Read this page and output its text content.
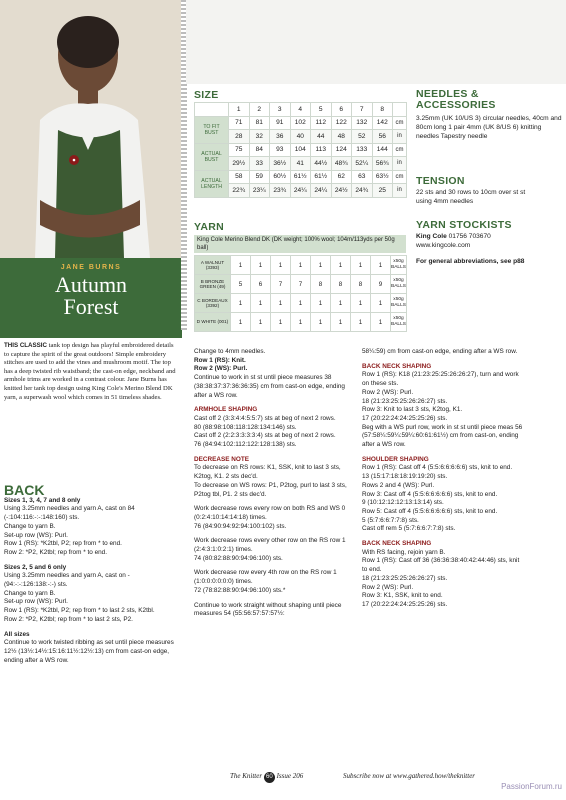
JANE BURNS
Autumn
Forest
SIZE
	1	2	3	4	5	6	7	8	
TO FIT BUST	71	81	91	102	112	122	132	142	cm
	28	32	36	40	44	48	52	56	in
ACTUAL BUST	75	84	93	104	113	124	133	144	cm
	29½	33	36½	41	44½	48¾	52¼	56¾	in
ACTUAL LENGTH	58	59	60½	61½	61½	62	63	63½	cm
	22¾	23¼	23¾	24¼	24¼	24½	24¾	25	in
YARN
King Cole Merino Blend DK (DK weight; 100% wool; 104m/113yds per 50g ball)
A WALNUT (3393)	1	1	1	1	1	1	1	1	x50g BALLS
B BRONZE GREEN (49)	5	6	7	7	8	8	8	9	x50g BALLS
C BORDEAUX (3392)	1	1	1	1	1	1	1	1	x50g BALLS
D WHITE (001)	1	1	1	1	1	1	1	1	x50g BALLS
NEEDLES & ACCESSORIES
3.25mm (UK 10/US 3) circular needles, 40cm and 80cm long 1 pair 4mm (UK 8/US 6) knitting needles Tapestry needle
TENSION
22 sts and 30 rows to 10cm over st st using 4mm needles
YARN STOCKISTS
King Cole 01756 703670
www.kingcole.com
For general abbreviations, see p88
THIS CLASSIC tank top design has playful embroidered details to capture the spirit of the great outdoors! Simple embroidery stitches are used to add the vines and mushroom motif. The top has a deep twisted rib waistband; the cast-on edge, neckband and armhole trims are worked in a contrast colour. Jane Burns has knitted her tank top design using King Cole's Merino Blend DK yarn, a superwash wool which comes in 51 timeless shades.
BACK
Sizes 1, 3, 4, 7 and 8 only
Using 3.25mm needles and yarn A, cast on 84 (-:104:116:-:-:148:160) sts.
Change to yarn B.
Set-up row (WS): Purl.
Row 1 (RS): *K2tbl, P2; rep from * to end.
Row 2: *P2, K2tbl; rep from * to end.
Sizes 2, 5 and 6 only
Using 3.25mm needles and yarn A, cast on - (94:-:-:126:138:-:-) sts.
Change to yarn B.
Set-up row (WS): Purl.
Row 1 (RS): *K2tbl, P2; rep from * to last 2 sts, K2tbl.
Row 2: *P2, K2tbl; rep from * to last 2 sts, P2.
All sizes
Continue to work twisted ribbing as set until piece measures 12½ (13½:14½:15:16:11½:12½:13) cm from cast-on edge, ending after a WS row.
Change to 4mm needles.
Row 1 (RS): Knit.
Row 2 (WS): Purl.
Continue to work in st st until piece measures 38 (38:38:37:37:36:36:35) cm from cast-on edge, ending after a WS row.
ARMHOLE SHAPING
Cast off 2 (3:3:4:4:5:5:7) sts at beg of next 2 rows.
80 (88:98:108:118:128:134:146) sts.
Cast off 2 (2:2:3:3:3:3:4) sts at beg of next 2 rows.
76 (84:94:102:112:122:128:138) sts.
DECREASE NOTE
To decrease on RS rows: K1, SSK, knit to last 3 sts, K2tog, K1. 2 sts dec'd.
To decrease on WS rows: P1, P2tog, purl to last 3 sts, P2tog tbl, P1. 2 sts dec'd.
Work decrease rows every row on both RS and WS 0 (0:2:4:10:14:14:18) times.
76 (84:90:94:92:94:100:102) sts.
Work decrease rows every other row on the RS row 1 (2:4:3:1:0:2:1) times.
74 (80:82:88:90:94:96:100) sts.
Work decrease row every 4th row on the RS row 1 (1:0:0:0:0:0:0) times.
72 (78:82:88:90:94:96:100) sts.*
Continue to work straight without shaping until piece measures 54 (55:56:57:57:57½:
58¼:59) cm from cast-on edge, ending after a WS row.
BACK NECK SHAPING
Row 1 (RS): K18 (21:23:25:25:26:26:27), turn and work on these sts.
Row 2 (WS): Purl.
18 (21:23:25:25:26:26:27) sts.
Row 3: Knit to last 3 sts, K2tog, K1.
17 (20:22:24:24:25:25:26) sts.
Beg with a WS purl row, work in st st until piece meas 56 (57:58¼:59¼:59¼:60:61:61½) cm from cast-on, ending after a WS row.
SHOULDER SHAPING
Row 1 (RS): Cast off 4 (5:5:6:6:6:6:6) sts, knit to end.
13 (15:17:18:18:19:19:20) sts.
Rows 2 and 4 (WS): Purl.
Row 3: Cast off 4 (5:5:6:6:6:6:6) sts, knit to end.
9 (10:12:12:12:13:13:14) sts.
Row 5: Cast off 4 (5:5:6:6:6:6:6) sts, knit to end.
5 (5:7:6:6:7:7:8) sts.
Cast off rem 5 (5:7:6:6:7:7:8) sts.
BACK NECK SHAPING
With RS facing, rejoin yarn B.
Row 1 (RS): Cast off 36 (36:36:38:40:42:44:46) sts, knit to end.
18 (21:23:25:25:26:26:27) sts.
Row 2 (WS): Purl.
Row 3: K1, SSK, knit to end.
17 (20:22:24:24:25:25:26) sts.
The Knitter 60 Issue 206	Subscribe now at www.gathered.how/theknitter
PassionForum.ru
